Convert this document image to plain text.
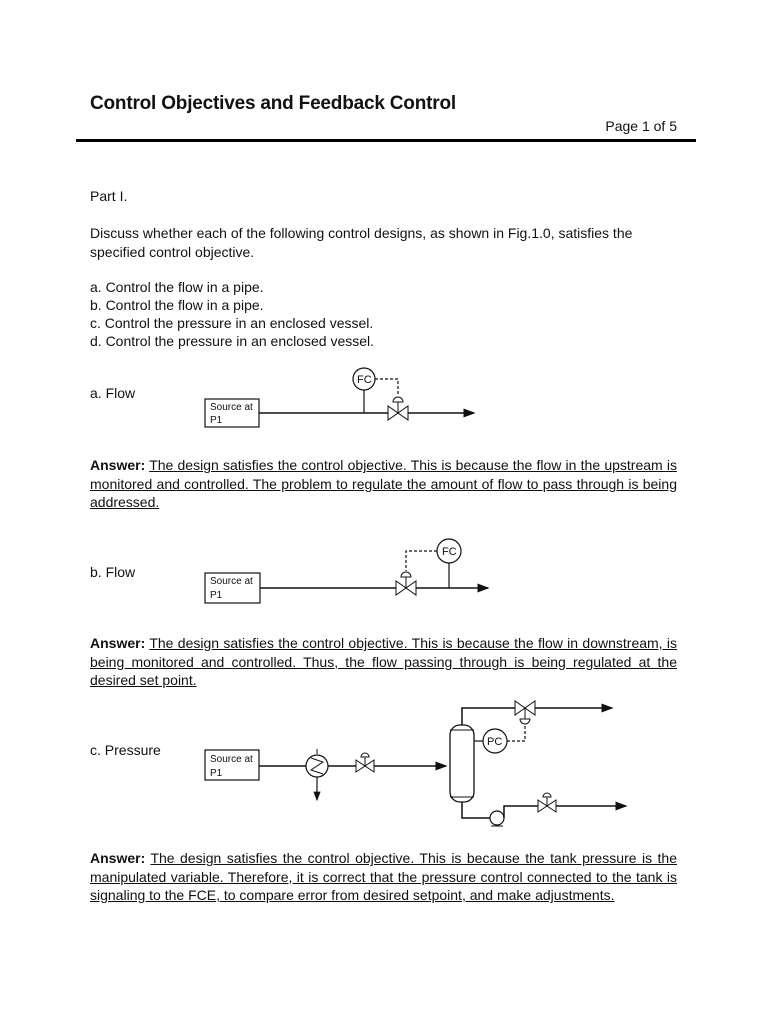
Control Objectives and Feedback Control
Page 1 of 5
Part I.
Discuss whether each of the following control designs, as shown in Fig.1.0, satisfies the specified control objective.
a. Control the flow in a pipe.
b. Control the flow in a pipe.
c. Control the pressure in an enclosed vessel.
d. Control the pressure in an enclosed vessel.
a. Flow
b. Flow
c. Pressure
Answer: The design satisfies the control objective. This is because the flow in the upstream is monitored and controlled. The problem to regulate the amount of flow to pass through is being addressed.
Answer: The design satisfies the control objective. This is because the flow in downstream, is being monitored and controlled. Thus, the flow passing through is being regulated at the desired set point.
Answer: The design satisfies the control objective. This is because the tank pressure is the manipulated variable. Therefore, it is correct that the pressure control connected to the tank is signaling to the FCE, to compare error from desired setpoint, and make adjustments.
Source at
P1
FC
Source at
P1
FC
Source at
P1
PC
